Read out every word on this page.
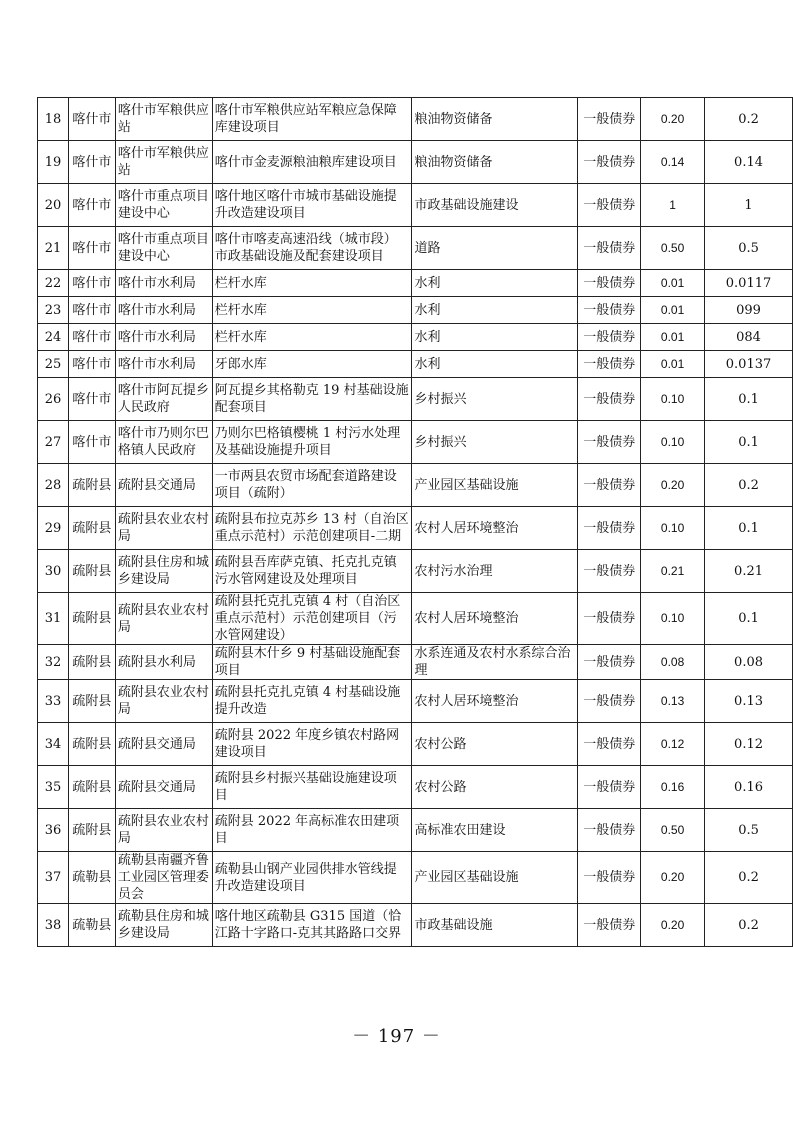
18	喀什市	喀什市军粮供应站	喀什市军粮供应站军粮应急保障库建设项目	粮油物资储备	一般债券	0.20	0.2
19	喀什市	喀什市军粮供应站	喀什市金麦源粮油粮库建设项目	粮油物资储备	一般债券	0.14	0.14
20	喀什市	喀什市重点项目建设中心	喀什地区喀什市城市基础设施提升改造建设项目	市政基础设施建设	一般债券	1	1
21	喀什市	喀什市重点项目建设中心	喀什市喀麦高速沿线（城市段）市政基础设施及配套建设项目	道路	一般债券	0.50	0.5
22	喀什市	喀什市水利局	栏杆水库	水利	一般债券	0.01	0.0117
23	喀什市	喀什市水利局	栏杆水库	水利	一般债券	0.01	099
24	喀什市	喀什市水利局	栏杆水库	水利	一般债券	0.01	084
25	喀什市	喀什市水利局	牙郎水库	水利	一般债券	0.01	0.0137
26	喀什市	喀什市阿瓦提乡人民政府	阿瓦提乡其格勒克 19 村基础设施配套项目	乡村振兴	一般债券	0.10	0.1
27	喀什市	喀什市乃则尔巴格镇人民政府	乃则尔巴格镇樱桃 1 村污水处理及基础设施提升项目	乡村振兴	一般债券	0.10	0.1
28	疏附县	疏附县交通局	一市两县农贸市场配套道路建设项目（疏附）	产业园区基础设施	一般债券	0.20	0.2
29	疏附县	疏附县农业农村局	疏附县布拉克苏乡 13 村（自治区重点示范村）示范创建项目-二期	农村人居环境整治	一般债券	0.10	0.1
30	疏附县	疏附县住房和城乡建设局	疏附县吾库萨克镇、托克扎克镇污水管网建设及处理项目	农村污水治理	一般债券	0.21	0.21
31	疏附县	疏附县农业农村局	疏附县托克扎克镇 4 村（自治区重点示范村）示范创建项目（污水管网建设）	农村人居环境整治	一般债券	0.10	0.1
32	疏附县	疏附县水利局	疏附县木什乡 9 村基础设施配套项目	水系连通及农村水系综合治理	一般债券	0.08	0.08
33	疏附县	疏附县农业农村局	疏附县托克扎克镇 4 村基础设施提升改造	农村人居环境整治	一般债券	0.13	0.13
34	疏附县	疏附县交通局	疏附县 2022 年度乡镇农村路网建设项目	农村公路	一般债券	0.12	0.12
35	疏附县	疏附县交通局	疏附县乡村振兴基础设施建设项目	农村公路	一般债券	0.16	0.16
36	疏附县	疏附县农业农村局	疏附县 2022 年高标准农田建项目	高标准农田建设	一般债券	0.50	0.5
37	疏勒县	疏勒县南疆齐鲁工业园区管理委员会	疏勒县山钢产业园供排水管线提升改造建设项目	产业园区基础设施	一般债券	0.20	0.2
38	疏勒县	疏勒县住房和城乡建设局	喀什地区疏勒县 G315 国道（恰江路十字路口-克其其路路口交界	市政基础设施	一般债券	0.20	0.2
－ 197 －
